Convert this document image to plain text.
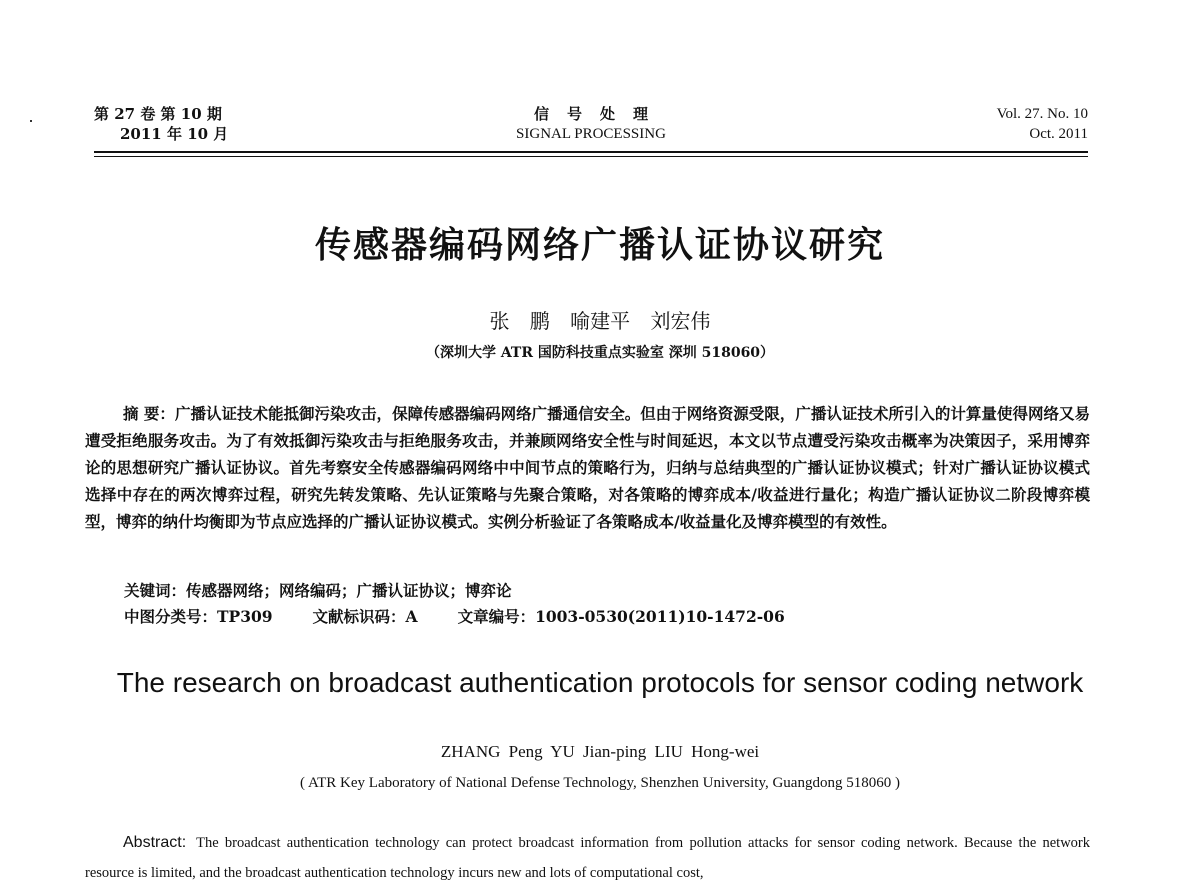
第 27 卷 第 10 期
2011 年 10 月
信号处理
SIGNAL PROCESSING
Vol. 27. No. 10
Oct. 2011
传感器编码网络广播认证协议研究
张 鹏 喻建平 刘宏伟
（深圳大学 ATR 国防科技重点实验室 深圳 518060）
摘 要：广播认证技术能抵御污染攻击，保障传感器编码网络广播通信安全。但由于网络资源受限，广播认证技术所引入的计算量使得网络又易遭受拒绝服务攻击。为了有效抵御污染攻击与拒绝服务攻击，并兼顾网络安全性与时间延迟，本文以节点遭受污染攻击概率为决策因子，采用博弈论的思想研究广播认证协议。首先考察安全传感器编码网络中中间节点的策略行为，归纳与总结典型的广播认证协议模式；针对广播认证协议模式选择中存在的两次博弈过程，研究先转发策略、先认证策略与先聚合策略，对各策略的博弈成本/收益进行量化；构造广播认证协议二阶段博弈模型，博弈的纳什均衡即为节点应选择的广播认证协议模式。实例分析验证了各策略成本/收益量化及博弈模型的有效性。
关键词：传感器网络；网络编码；广播认证协议；博弈论
中图分类号：TP309	文献标识码：A	文章编号：1003-0530(2011)10-1472-06
The research on broadcast authentication protocols for sensor coding network
ZHANG Peng YU Jian-ping LIU Hong-wei
( ATR Key Laboratory of National Defense Technology, Shenzhen University, Guangdong 518060 )
Abstract: The broadcast authentication technology can protect broadcast information from pollution attacks for sensor coding network. Because the network resource is limited, and the broadcast authentication technology incurs new and lots of computational cost,
